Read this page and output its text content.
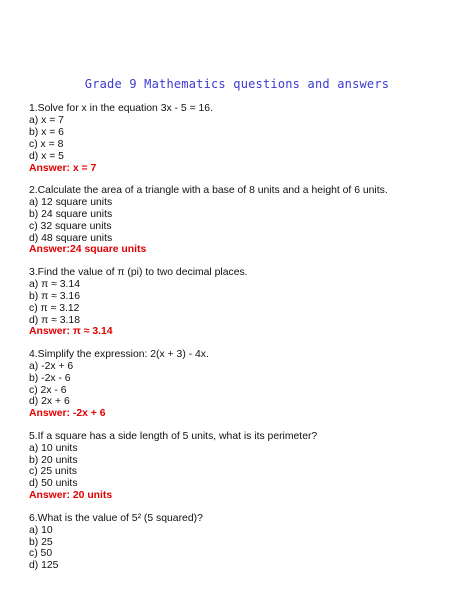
Grade 9 Mathematics questions and answers
1.Solve for x in the equation 3x - 5 = 16.
a) x = 7
b) x = 6
c) x = 8
d) x = 5
Answer: x = 7
2.Calculate the area of a triangle with a base of 8 units and a height of 6 units.
a) 12 square units
b) 24 square units
c) 32 square units
d) 48 square units
Answer:24 square units
3.Find the value of π (pi) to two decimal places.
a) π ≈ 3.14
b) π ≈ 3.16
c) π ≈ 3.12
d) π ≈ 3.18
Answer: π ≈ 3.14
4.Simplify the expression: 2(x + 3) - 4x.
a) -2x + 6
b) -2x - 6
c) 2x - 6
d) 2x + 6
Answer: -2x + 6
5.If a square has a side length of 5 units, what is its perimeter?
a) 10 units
b) 20 units
c) 25 units
d) 50 units
Answer: 20 units
6.What is the value of 5² (5 squared)?
a) 10
b) 25
c) 50
d) 125
